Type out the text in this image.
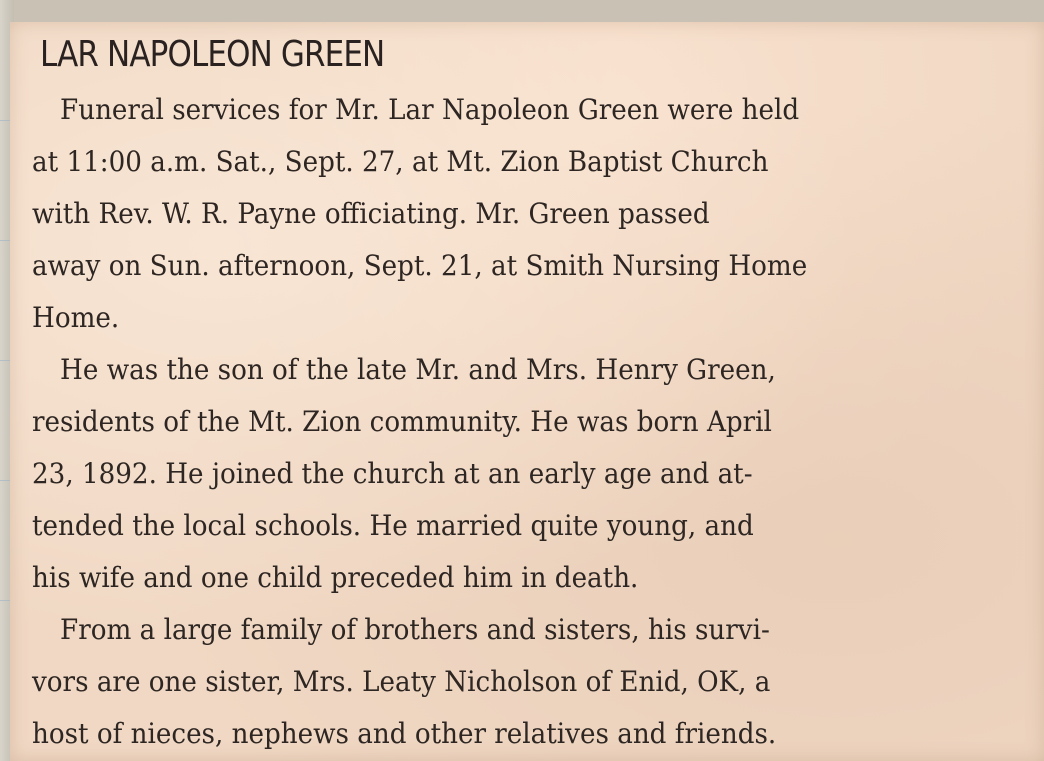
LAR NAPOLEON GREEN
Funeral services for Mr. Lar Napoleon Green were held
at 11:00 a.m. Sat., Sept. 27, at Mt. Zion Baptist Church
with Rev. W. R. Payne officiating. Mr. Green passed
away on Sun. afternoon, Sept. 21, at Smith Nursing Home
Home.
He was the son of the late Mr. and Mrs. Henry Green,
residents of the Mt. Zion community. He was born April
23, 1892. He joined the church at an early age and at-
tended the local schools. He married quite young, and
his wife and one child preceded him in death.
From a large family of brothers and sisters, his survi-
vors are one sister, Mrs. Leaty Nicholson of Enid, OK, a
host of nieces, nephews and other relatives and friends.
